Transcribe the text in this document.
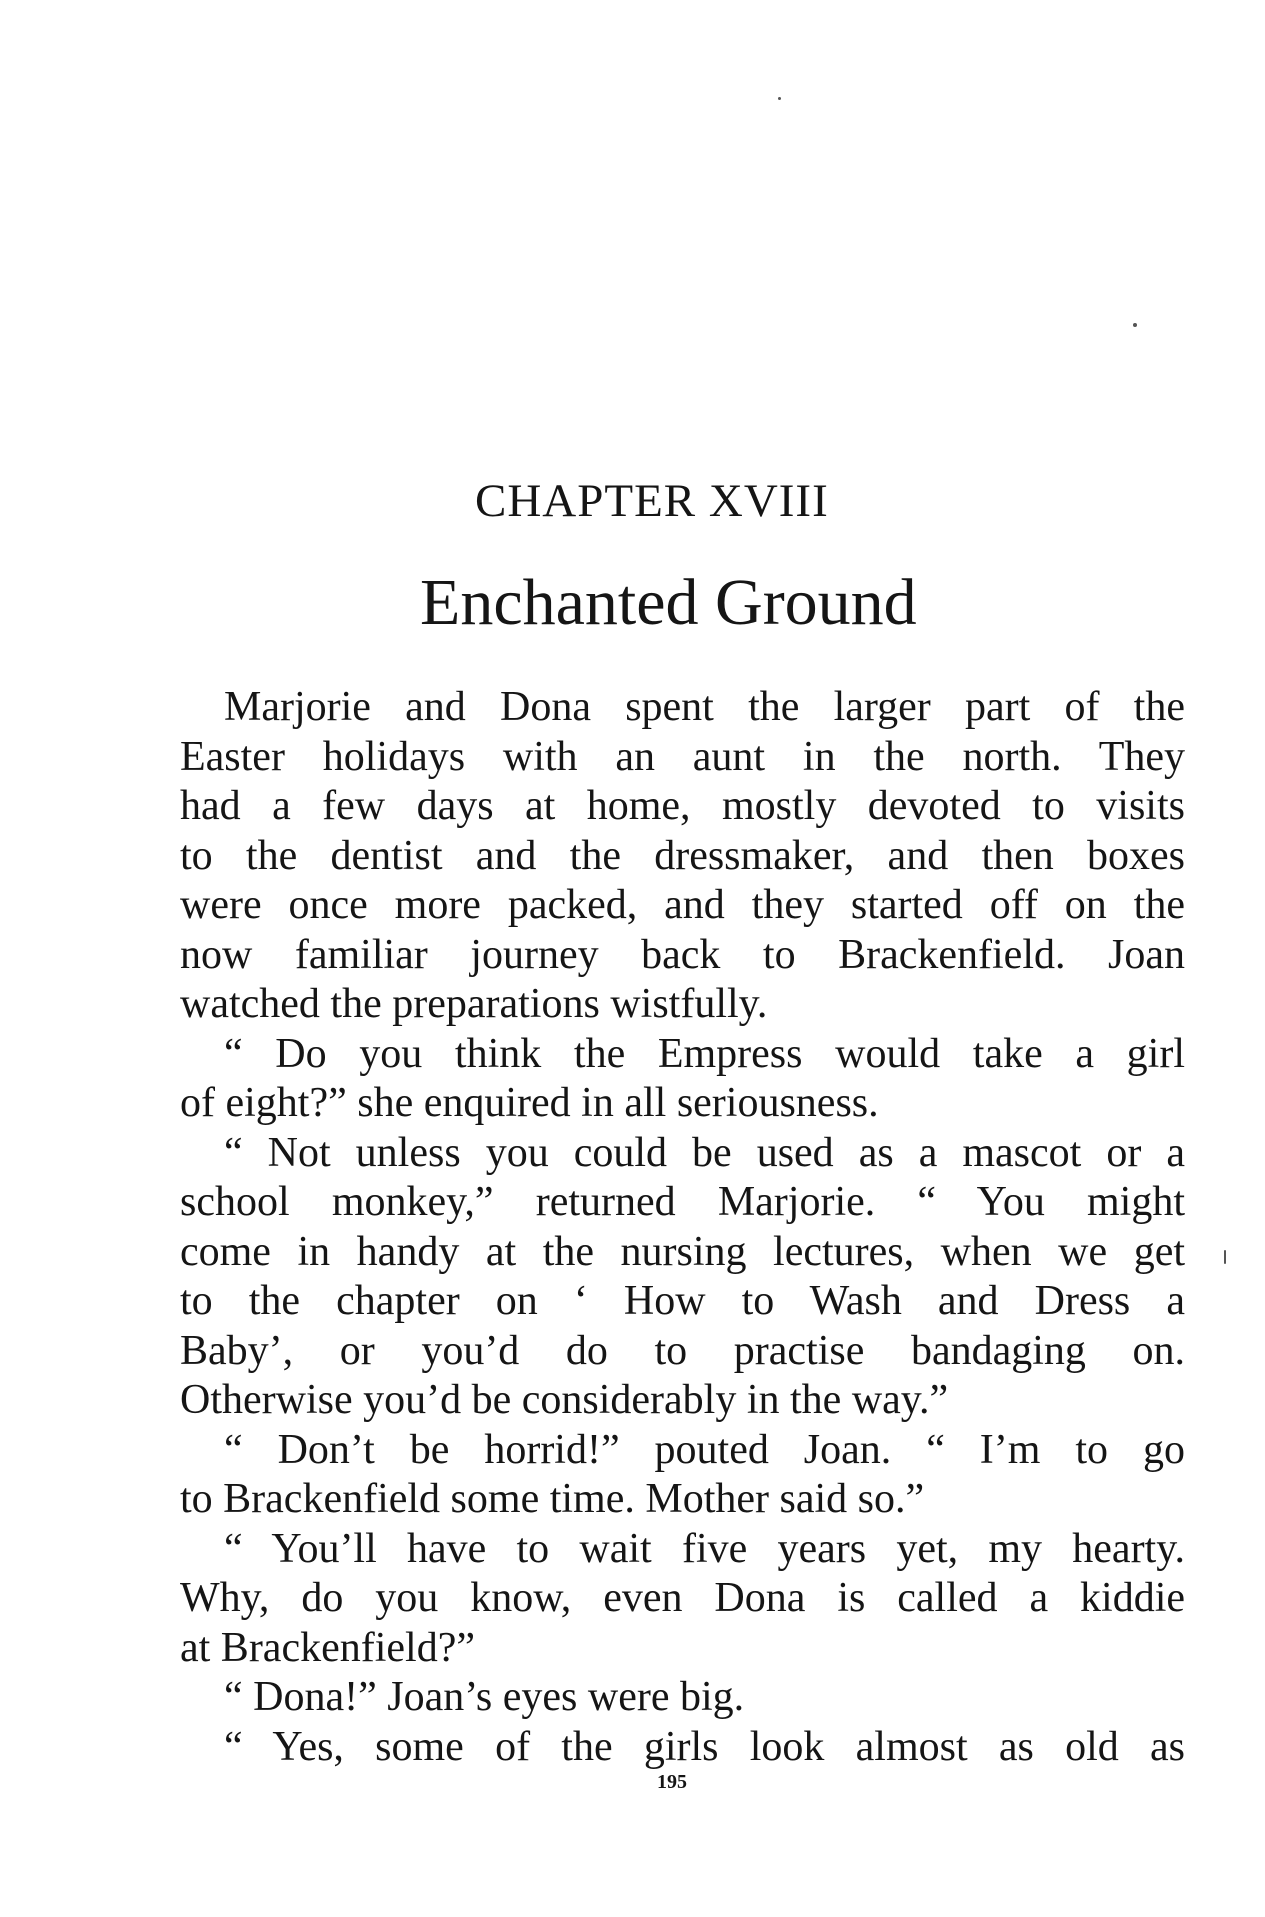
CHAPTER XVIII
Enchanted Ground
Marjorie and Dona spent the larger part of the
Easter holidays with an aunt in the north. They
had a few days at home, mostly devoted to visits
to the dentist and the dressmaker, and then boxes
were once more packed, and they started off on the
now familiar journey back to Brackenfield. Joan
watched the preparations wistfully.
“ Do you think the Empress would take a girl
of eight?” she enquired in all seriousness.
“ Not unless you could be used as a mascot or a
school monkey,” returned Marjorie. “ You might
come in handy at the nursing lectures, when we get
to the chapter on ‘ How to Wash and Dress a
Baby’, or you’d do to practise bandaging on.
Otherwise you’d be considerably in the way.”
“ Don’t be horrid!” pouted Joan. “ I’m to go
to Brackenfield some time. Mother said so.”
“ You’ll have to wait five years yet, my hearty.
Why, do you know, even Dona is called a kiddie
at Brackenfield?”
“ Dona!” Joan’s eyes were big.
“ Yes, some of the girls look almost as old as
195
